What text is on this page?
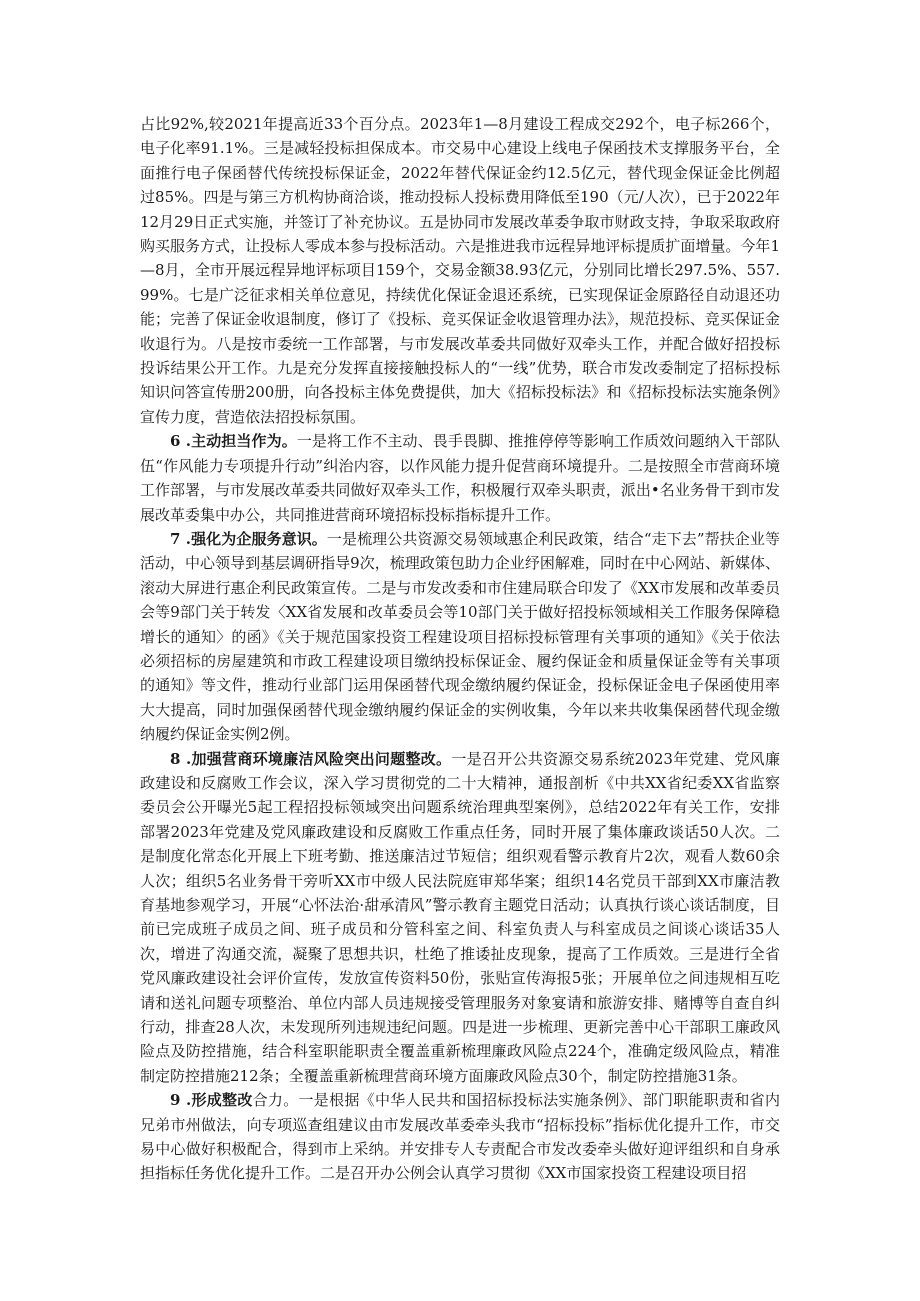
占比92%,较2021年提高近33个百分点。2023年1—8月建设工程成交292个，电子标266个，电子化率91.1%。三是减轻投标担保成本。市交易中心建设上线电子保函技术支撑服务平台，全面推行电子保函替代传统投标保证金，2022年替代保证金约12.5亿元，替代现金保证金比例超过85%。四是与第三方机构协商洽谈，推动投标人投标费用降低至190（元/人次），已于2022年12月29日正式实施，并签订了补充协议。五是协同市发展改革委争取市财政支持，争取采取政府购买服务方式，让投标人零成本参与投标活动。六是推进我市远程异地评标提质扩面增量。今年1—8月，全市开展远程异地评标项目159个，交易金额38.93亿元，分别同比增长297.5%、557.99%。七是广泛征求相关单位意见，持续优化保证金退还系统，已实现保证金原路径自动退还功能；完善了保证金收退制度，修订了《投标、竞买保证金收退管理办法》，规范投标、竞买保证金收退行为。八是按市委统一工作部署，与市发展改革委共同做好双牵头工作，并配合做好招投标投诉结果公开工作。九是充分发挥直接接触投标人的“一线”优势，联合市发改委制定了招标投标知识问答宣传册200册，向各投标主体免费提供，加大《招标投标法》和《招标投标法实施条例》宣传力度，营造依法招投标氛围。

6 .主动担当作为。一是将工作不主动、畏手畏脚、推推停停等影响工作质效问题纳入干部队伍“作风能力专项提升行动”纠治内容，以作风能力提升促营商环境提升。二是按照全市营商环境工作部署，与市发展改革委共同做好双牵头工作，积极履行双牵头职责，派出•名业务骨干到市发展改革委集中办公，共同推进营商环境招标投标指标提升工作。

7 .强化为企服务意识。一是梳理公共资源交易领域惠企利民政策，结合“走下去”帮扶企业等活动，中心领导到基层调研指导9次，梳理政策包助力企业纾困解难，同时在中心网站、新媒体、滚动大屏进行惠企利民政策宣传。二是与市发改委和市住建局联合印发了《XX市发展和改革委员会等9部门关于转发〈XX省发展和改革委员会等10部门关于做好招投标领域相关工作服务保障稳增长的通知〉的函》《关于规范国家投资工程建设项目招标投标管理有关事项的通知》《关于依法必须招标的房屋建筑和市政工程建设项目缴纳投标保证金、履约保证金和质量保证金等有关事项的通知》等文件，推动行业部门运用保函替代现金缴纳履约保证金，投标保证金电子保函使用率大大提高，同时加强保函替代现金缴纳履约保证金的实例收集，今年以来共收集保函替代现金缴纳履约保证金实例2例。

8 .加强营商环境廉洁风险突出问题整改。一是召开公共资源交易系统2023年党建、党风廉政建设和反腐败工作会议，深入学习贯彻党的二十大精神，通报剖析《中共XX省纪委XX省监察委员会公开曝光5起工程招投标领域突出问题系统治理典型案例》，总结2022年有关工作，安排部署2023年党建及党风廉政建设和反腐败工作重点任务，同时开展了集体廉政谈话50人次。二是制度化常态化开展上下班考勤、推送廉洁过节短信；组织观看警示教育片2次，观看人数60余人次；组织5名业务骨干旁听XX市中级人民法院庭审郑华案；组织14名党员干部到XX市廉洁教育基地参观学习，开展“心怀法治·甜承清风”警示教育主题党日活动；认真执行谈心谈话制度，目前已完成班子成员之间、班子成员和分管科室之间、科室负责人与科室成员之间谈心谈话35人次，增进了沟通交流，凝聚了思想共识，杜绝了推诿扯皮现象，提高了工作质效。三是进行全省党风廉政建设社会评价宣传，发放宣传资料50份，张贴宣传海报5张；开展单位之间违规相互吃请和送礼问题专项整治、单位内部人员违规接受管理服务对象宴请和旅游安排、赌博等自查自纠行动，排查28人次，未发现所列违规违纪问题。四是进一步梳理、更新完善中心干部职工廉政风险点及防控措施，结合科室职能职责全覆盖重新梳理廉政风险点224个，准确定级风险点，精准制定防控措施212条；全覆盖重新梳理营商环境方面廉政风险点30个，制定防控措施31条。

9 .形成整改合力。一是根据《中华人民共和国招标投标法实施条例》、部门职能职责和省内兄弟市州做法，向专项巡查组建议由市发展改革委牵头我市“招标投标”指标优化提升工作，市交易中心做好积极配合，得到市上采纳。并安排专人专责配合市发改委牵头做好迎评组织和自身承担指标任务优化提升工作。二是召开办公例会认真学习贯彻《XX市国家投资工程建设项目招
